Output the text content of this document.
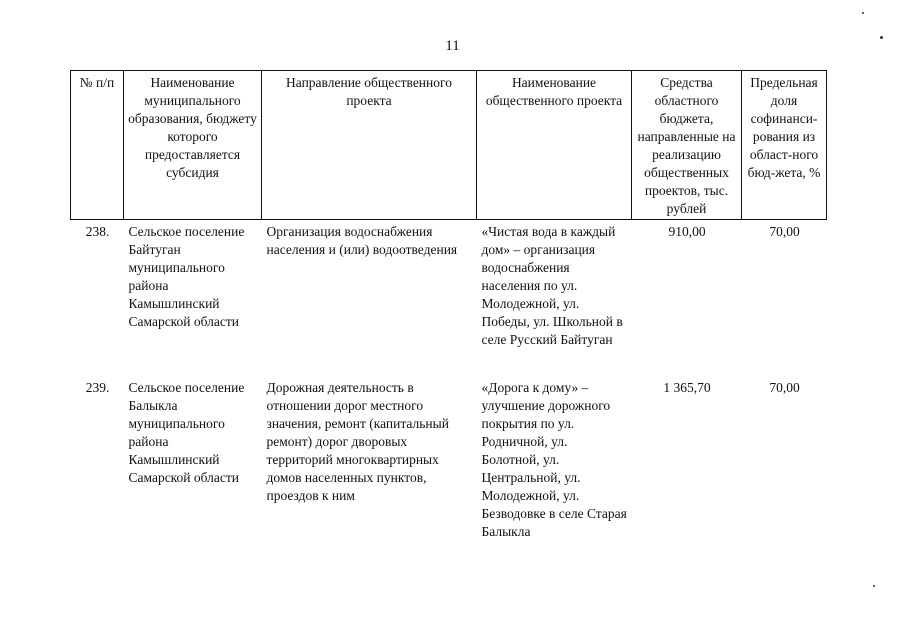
11
№ п/п	Наименование муниципального образования, бюджету которого предоставляется субсидия	Направление общественного проекта	Наименование общественного проекта	Средства областного бюджета, направленные на реализацию общественных проектов, тыс. рублей	Предельная доля софинанси-рования из област-ного бюд-жета, %
238.	Сельское поселение Байтуган муниципального района Камышлинский Самарской области	Организация водоснабжения населения и (или) водоотведения	«Чистая вода в каждый дом» – организация водоснабжения населения по ул. Молодежной, ул. Победы, ул. Школьной в селе Русский Байтуган	910,00	70,00
239.	Сельское поселение Балыкла муниципального района Камышлинский Самарской области	Дорожная деятельность в отношении дорог местного значения, ремонт (капитальный ремонт) дорог дворовых территорий многоквартирных домов населенных пунктов, проездов к ним	«Дорога к дому» – улучшение дорожного покрытия по ул. Родничной, ул. Болотной, ул. Центральной, ул. Молодежной, ул. Безводовке в селе Старая Балыкла	1 365,70	70,00
